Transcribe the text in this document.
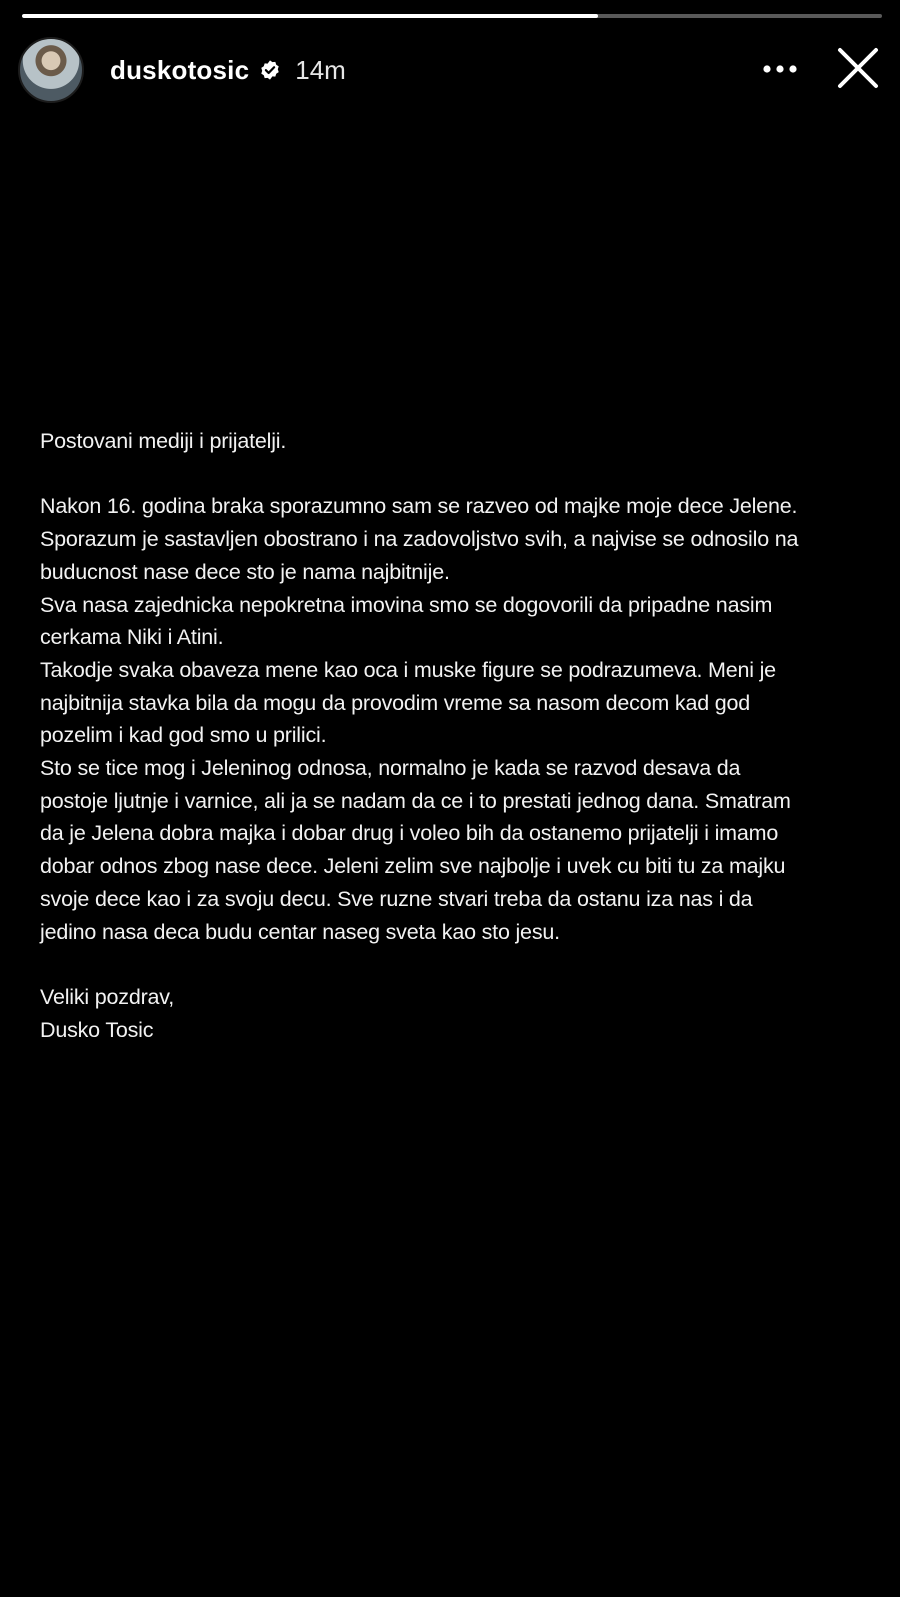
duskotosic 14m

Postovani mediji i prijatelji.

Nakon 16. godina braka sporazumno sam se razveo od majke moje dece Jelene.

Sporazum je sastavljen obostrano i na zadovoljstvo svih, a najvise se odnosilo na

buducnost nase dece sto je nama najbitnije.

Sva nasa zajednicka nepokretna imovina smo se dogovorili da pripadne nasim

cerkama Niki i Atini.

Takodje svaka obaveza mene kao oca i muske figure se podrazumeva. Meni je

najbitnija stavka bila da mogu da provodim vreme sa nasom decom kad god

pozelim i kad god smo u prilici.

Sto se tice mog i Jeleninog odnosa, normalno je kada se razvod desava da

postoje ljutnje i varnice, ali ja se nadam da ce i to prestati jednog dana. Smatram

da je Jelena dobra majka i dobar drug i voleo bih da ostanemo prijatelji i imamo

dobar odnos zbog nase dece. Jeleni zelim sve najbolje i uvek cu biti tu za majku

svoje dece kao i za svoju decu. Sve ruzne stvari treba da ostanu iza nas i da

jedino nasa deca budu centar naseg sveta kao sto jesu.

Veliki pozdrav,

Dusko Tosic
